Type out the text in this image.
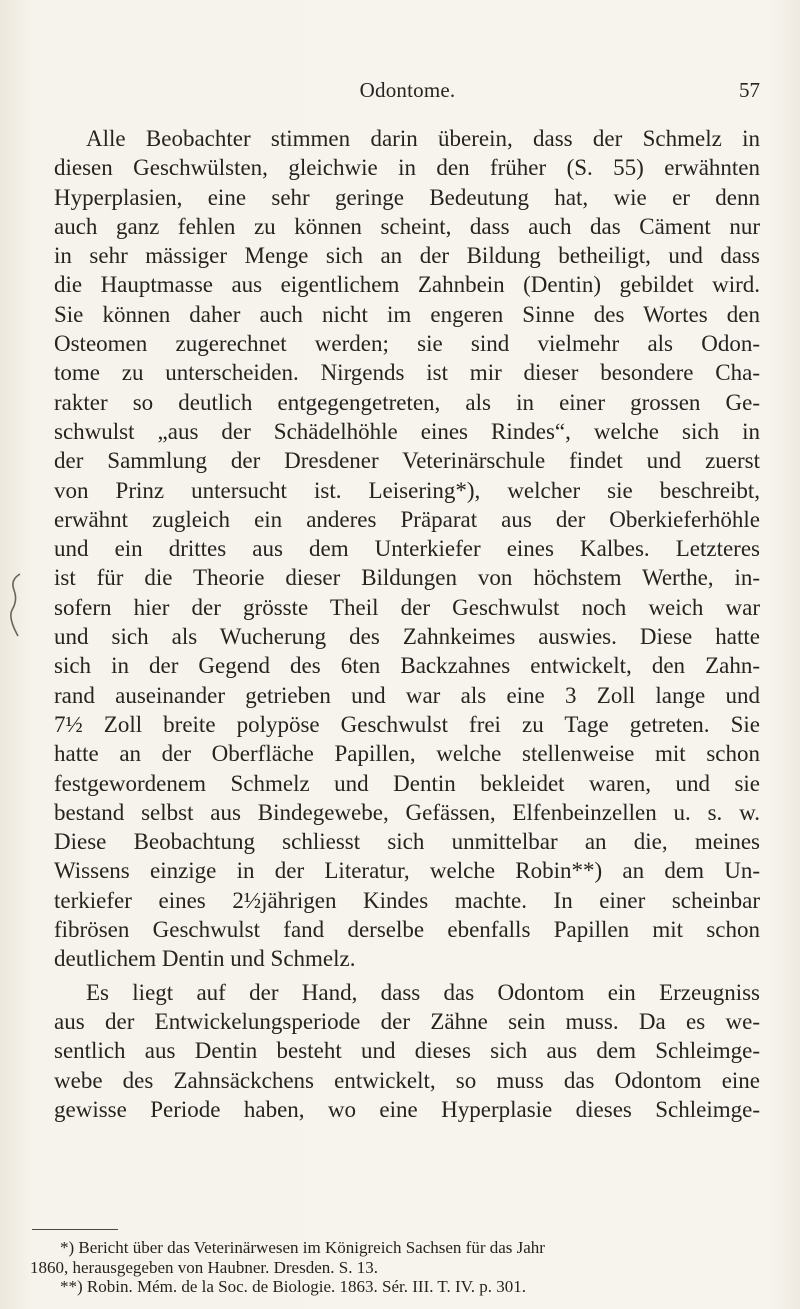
Odontome.	57
Alle Beobachter stimmen darin überein, dass der Schmelz in
diesen Geschwülsten, gleichwie in den früher (S. 55) erwähnten
Hyperplasien, eine sehr geringe Bedeutung hat, wie er denn
auch ganz fehlen zu können scheint, dass auch das Cäment nur
in sehr mässiger Menge sich an der Bildung betheiligt, und dass
die Hauptmasse aus eigentlichem Zahnbein (Dentin) gebildet wird.
Sie können daher auch nicht im engeren Sinne des Wortes den
Osteomen zugerechnet werden; sie sind vielmehr als Odon-
tome zu unterscheiden. Nirgends ist mir dieser besondere Cha-
rakter so deutlich entgegengetreten, als in einer grossen Ge-
schwulst „aus der Schädelhöhle eines Rindes“, welche sich in
der Sammlung der Dresdener Veterinärschule findet und zuerst
von Prinz untersucht ist. Leisering*), welcher sie beschreibt,
erwähnt zugleich ein anderes Präparat aus der Oberkieferhöhle
und ein drittes aus dem Unterkiefer eines Kalbes. Letzteres
ist für die Theorie dieser Bildungen von höchstem Werthe, in-
sofern hier der grösste Theil der Geschwulst noch weich war
und sich als Wucherung des Zahnkeimes auswies. Diese hatte
sich in der Gegend des 6ten Backzahnes entwickelt, den Zahn-
rand auseinander getrieben und war als eine 3 Zoll lange und
7½ Zoll breite polypöse Geschwulst frei zu Tage getreten. Sie
hatte an der Oberfläche Papillen, welche stellenweise mit schon
festgewordenem Schmelz und Dentin bekleidet waren, und sie
bestand selbst aus Bindegewebe, Gefässen, Elfenbeinzellen u. s. w.
Diese Beobachtung schliesst sich unmittelbar an die, meines
Wissens einzige in der Literatur, welche Robin**) an dem Un-
terkiefer eines 2½jährigen Kindes machte. In einer scheinbar
fibrösen Geschwulst fand derselbe ebenfalls Papillen mit schon
deutlichem Dentin und Schmelz.
Es liegt auf der Hand, dass das Odontom ein Erzeugniss
aus der Entwickelungsperiode der Zähne sein muss. Da es we-
sentlich aus Dentin besteht und dieses sich aus dem Schleimge-
webe des Zahnsäckchens entwickelt, so muss das Odontom eine
gewisse Periode haben, wo eine Hyperplasie dieses Schleimge-
*) Bericht über das Veterinärwesen im Königreich Sachsen für das Jahr
1860, herausgegeben von Haubner. Dresden. S. 13.
**) Robin. Mém. de la Soc. de Biologie. 1863. Sér. III. T. IV. p. 301.
